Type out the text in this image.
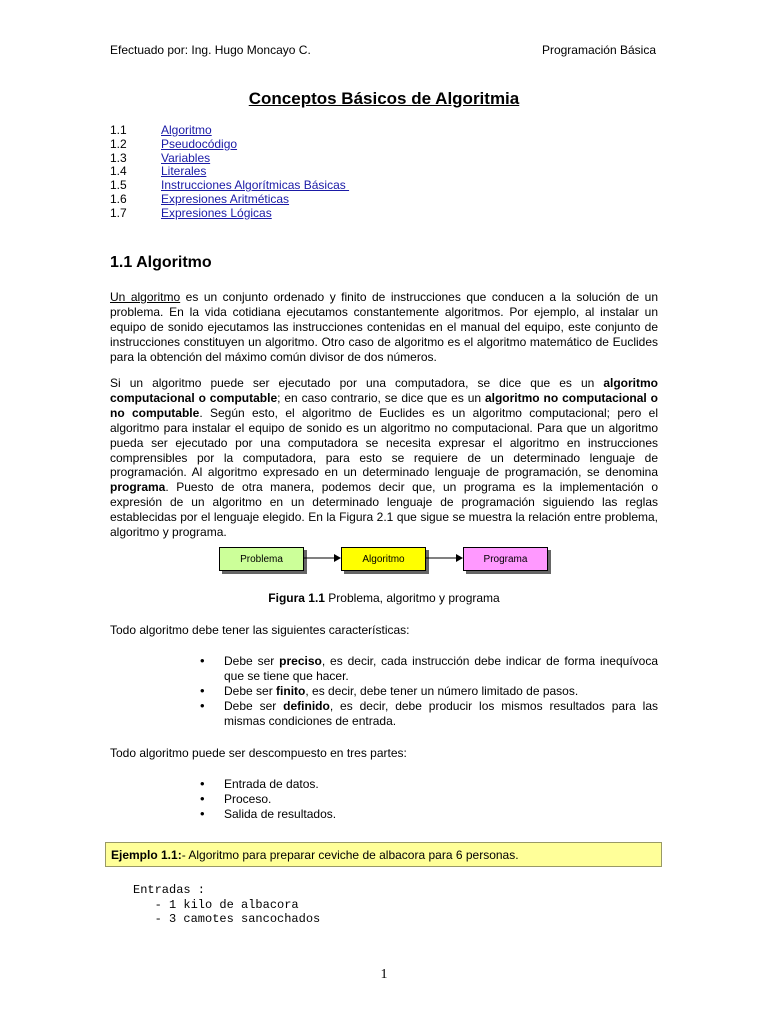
Efectuado por: Ing. Hugo Moncayo C.	Programación Básica
Conceptos Básicos de Algoritmia
1.1	Algoritmo
1.2	Pseudocódigo
1.3	Variables
1.4	Literales
1.5	Instrucciones Algorítmicas Básicas
1.6	Expresiones Aritméticas
1.7	Expresiones Lógicas
1.1 Algoritmo
Un algoritmo es un conjunto ordenado y finito de instrucciones que conducen a la solución de un problema. En la vida cotidiana ejecutamos constantemente algoritmos. Por ejemplo, al instalar un equipo de sonido ejecutamos las instrucciones contenidas en el manual del equipo, este conjunto de instrucciones constituyen un algoritmo. Otro caso de algoritmo es el algoritmo matemático de Euclides para la obtención del máximo común divisor de dos números.
Si un algoritmo puede ser ejecutado por una computadora, se dice que es un algoritmo computacional o computable; en caso contrario, se dice que es un algoritmo no computacional o no computable. Según esto, el algoritmo de Euclides es un algoritmo computacional; pero el algoritmo para instalar el equipo de sonido es un algoritmo no computacional. Para que un algoritmo pueda ser ejecutado por una computadora se necesita expresar el algoritmo en instrucciones comprensibles por la computadora, para esto se requiere de un determinado lenguaje de programación. Al algoritmo expresado en un determinado lenguaje de programación, se denomina programa. Puesto de otra manera, podemos decir que, un programa es la implementación o expresión de un algoritmo en un determinado lenguaje de programación siguiendo las reglas establecidas por el lenguaje elegido. En la Figura 2.1 que sigue se muestra la relación entre problema, algoritmo y programa.
Problema	Algoritmo	Programa
Figura 1.1 Problema, algoritmo y programa
Todo algoritmo debe tener las siguientes características:
•	Debe ser preciso, es decir, cada instrucción debe indicar de forma inequívoca que se tiene que hacer.
•	Debe ser finito, es decir, debe tener un número limitado de pasos.
•	Debe ser definido, es decir, debe producir los mismos resultados para las mismas condiciones de entrada.
Todo algoritmo puede ser descompuesto en tres partes:
•	Entrada de datos.
•	Proceso.
•	Salida de resultados.
Ejemplo 1.1:- Algoritmo para preparar ceviche de albacora para 6 personas.
Entradas :
- 1 kilo de albacora
- 3 camotes sancochados
1
